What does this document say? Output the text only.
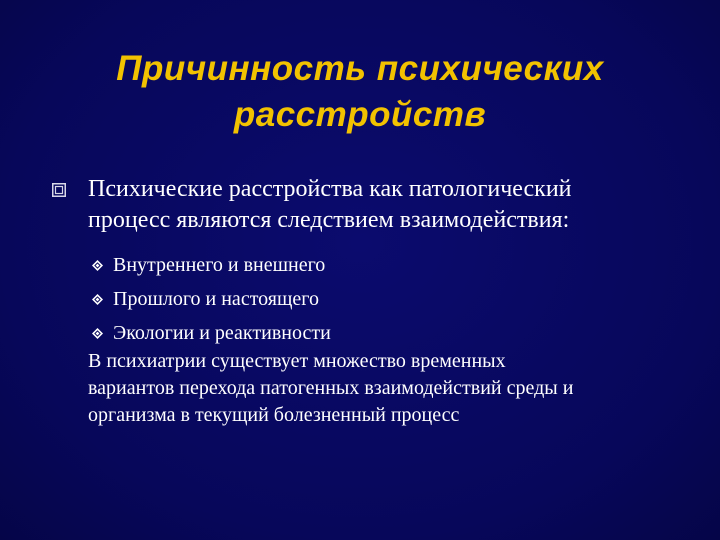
Причинность психических
расстройств
Психические расстройства как патологический
процесс являются следствием взаимодействия:
Внутреннего и внешнего
Прошлого и настоящего
Экологии и реактивности
В психиатрии существует множество временных
вариантов перехода патогенных взаимодействий среды и
организма в текущий болезненный процесс
